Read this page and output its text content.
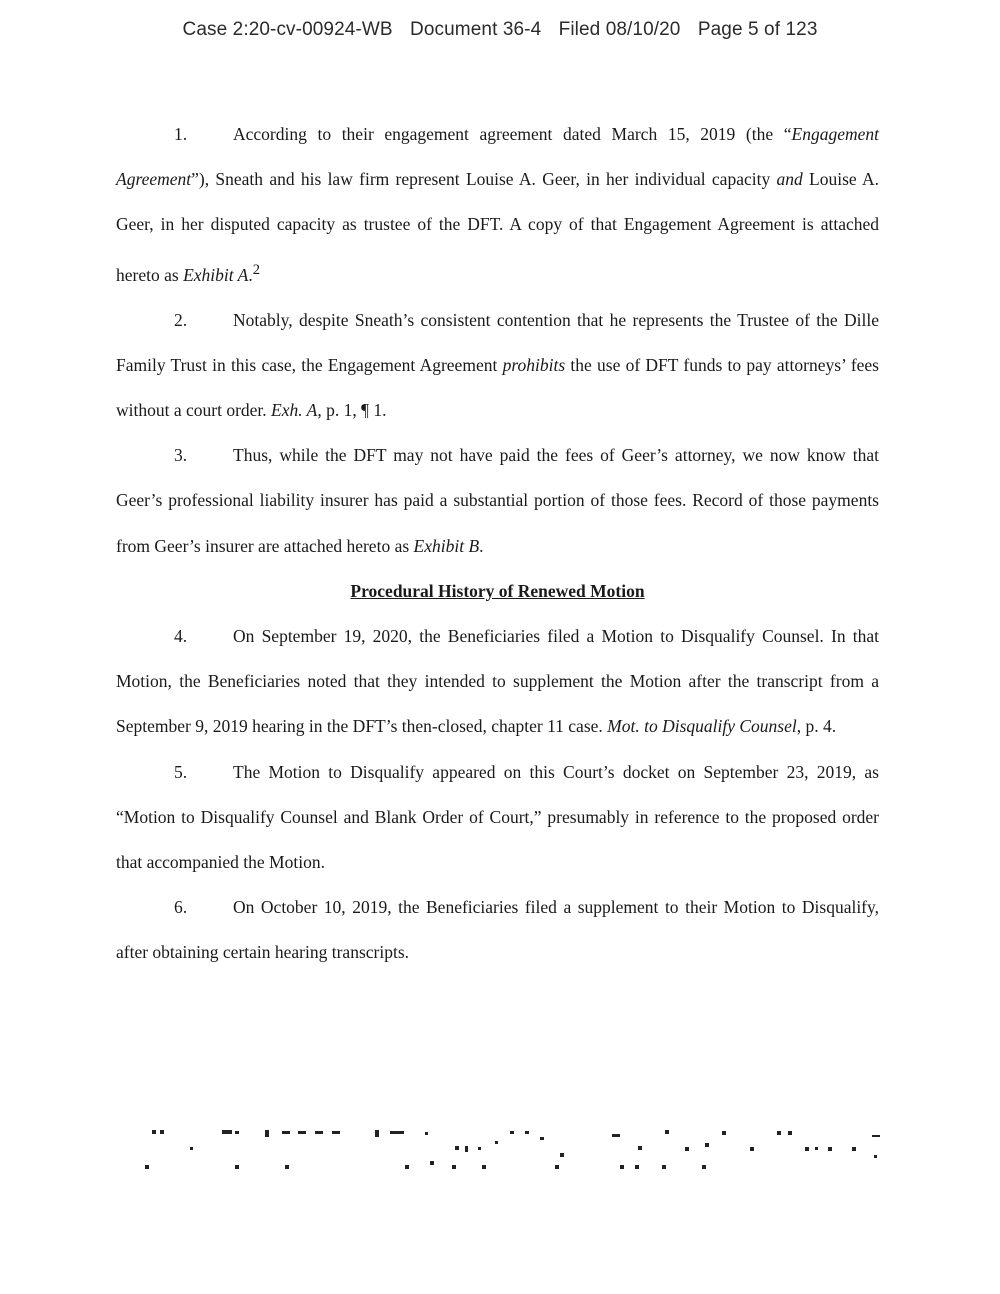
Case 2:20-cv-00924-WB Document 36-4 Filed 08/10/20 Page 5 of 123

1.	According to their engagement agreement dated March 15, 2019 (the “Engagement Agreement”), Sneath and his law firm represent Louise A. Geer, in her individual capacity and Louise A. Geer, in her disputed capacity as trustee of the DFT. A copy of that Engagement Agreement is attached hereto as Exhibit A.$^2$

2.	Notably, despite Sneath’s consistent contention that he represents the Trustee of the Dille Family Trust in this case, the Engagement Agreement prohibits the use of DFT funds to pay attorneys’ fees without a court order. Exh. A, p. 1, ¶ 1.

3.	Thus, while the DFT may not have paid the fees of Geer’s attorney, we now know that Geer’s professional liability insurer has paid a substantial portion of those fees. Record of those payments from Geer’s insurer are attached hereto as Exhibit B.

Procedural History of Renewed Motion

4.	On September 19, 2020, the Beneficiaries filed a Motion to Disqualify Counsel. In that Motion, the Beneficiaries noted that they intended to supplement the Motion after the transcript from a September 9, 2019 hearing in the DFT’s then-closed, chapter 11 case. Mot. to Disqualify Counsel, p. 4.

5.	The Motion to Disqualify appeared on this Court’s docket on September 23, 2019, as “Motion to Disqualify Counsel and Blank Order of Court,” presumably in reference to the proposed order that accompanied the Motion.

6.	On October 10, 2019, the Beneficiaries filed a supplement to their Motion to Disqualify, after obtaining certain hearing transcripts.
